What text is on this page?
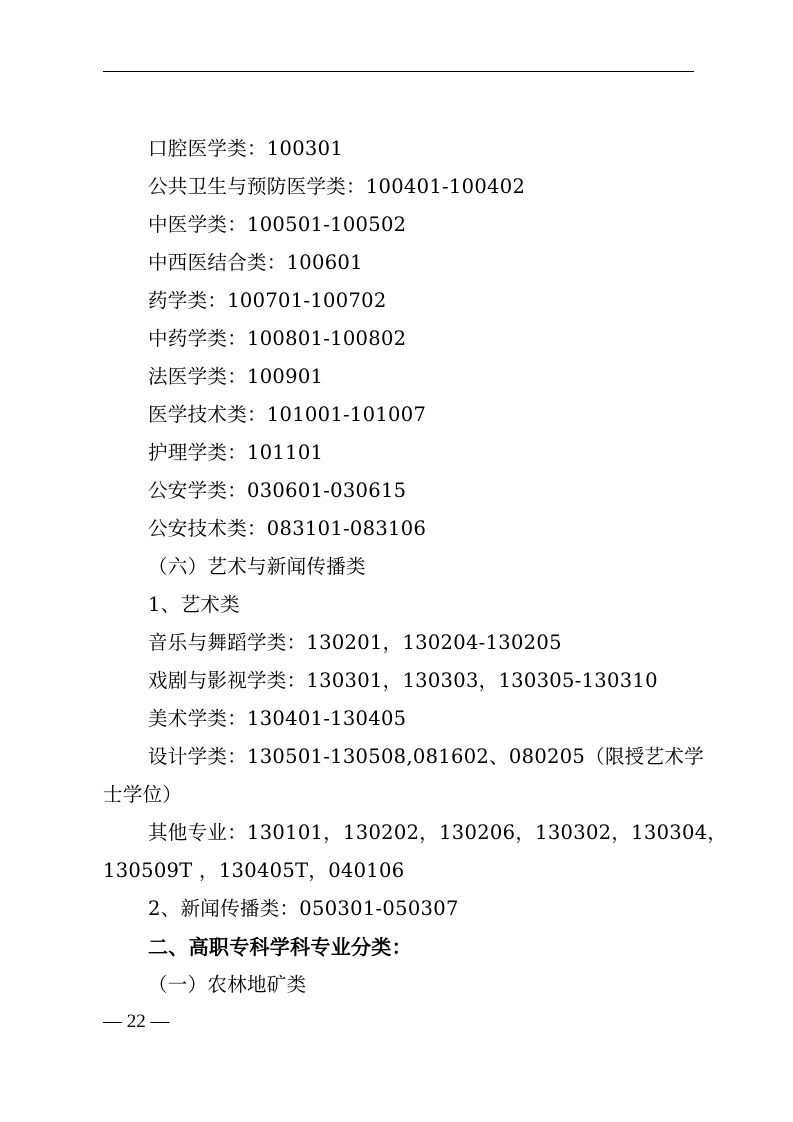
口腔医学类：100301
公共卫生与预防医学类：100401-100402
中医学类：100501-100502
中西医结合类：100601
药学类：100701-100702
中药学类：100801-100802
法医学类：100901
医学技术类：101001-101007
护理学类：101101
公安学类：030601-030615
公安技术类：083101-083106
（六）艺术与新闻传播类
1、艺术类
音乐与舞蹈学类：130201，130204-130205
戏剧与影视学类：130301，130303，130305-130310
美术学类：130401-130405
设计学类：130501-130508,081602、080205（限授艺术学
士学位）
其他专业：130101，130202，130206，130302，130304，
130509T ，130405T，040106
2、新闻传播类：050301-050307
二、高职专科学科专业分类：
（一）农林地矿类
— 22 —
